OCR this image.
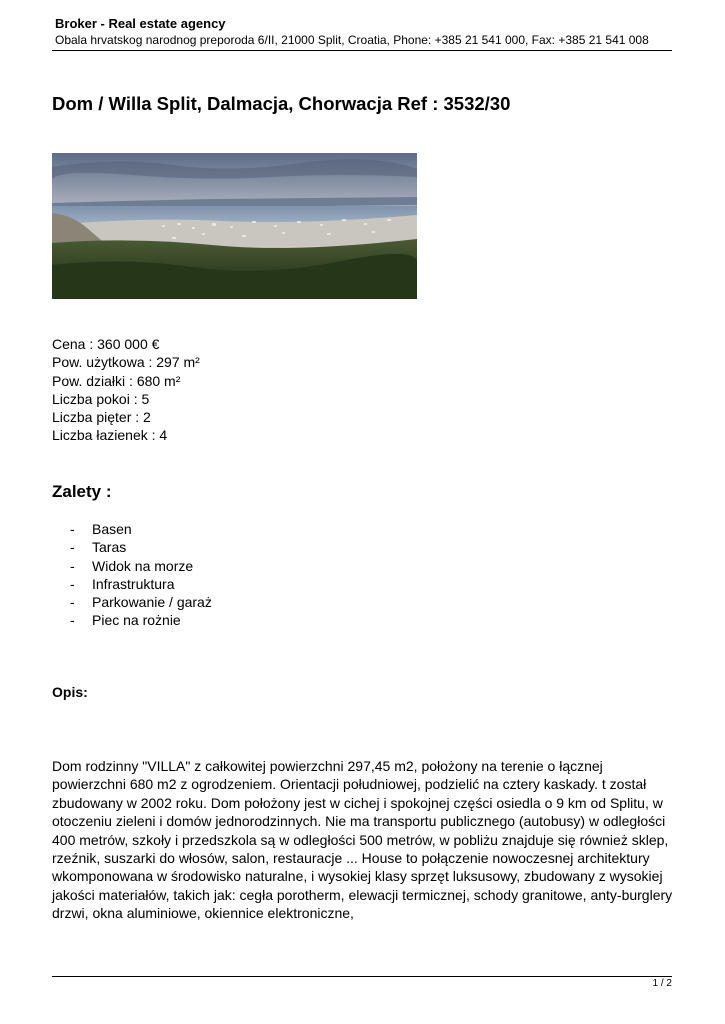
Broker - Real estate agency
Obala hrvatskog narodnog preporoda 6/II, 21000 Split, Croatia, Phone: +385 21 541 000, Fax: +385 21 541 008
Dom / Willa Split, Dalmacja, Chorwacja Ref : 3532/30
Cena : 360 000 €
Pow. użytkowa : 297 m²
Pow. działki : 680 m²
Liczba pokoi : 5
Liczba pięter : 2
Liczba łazienek : 4
Zalety :
- Basen
- Taras
- Widok na morze
- Infrastruktura
- Parkowanie / garaż
- Piec na rożnie
Opis:
Dom rodzinny "VILLA" z całkowitej powierzchni 297,45 m2, położony na terenie o łącznej powierzchni 680 m2 z ogrodzeniem. Orientacji południowej, podzielić na cztery kaskady. t został zbudowany w 2002 roku. Dom położony jest w cichej i spokojnej części osiedla o 9 km od Splitu, w otoczeniu zieleni i domów jednorodzinnych. Nie ma transportu publicznego (autobusy) w odległości 400 metrów, szkoły i przedszkola są w odległości 500 metrów, w pobliżu znajduje się również sklep, rzeźnik, suszarki do włosów, salon, restauracje ... House to połączenie nowoczesnej architektury wkomponowana w środowisko naturalne, i wysokiej klasy sprzęt luksusowy, zbudowany z wysokiej jakości materiałów, takich jak: cegła porotherm, elewacji termicznej, schody granitowe, anty-burglery drzwi, okna aluminiowe, okiennice elektroniczne,
1 / 2
